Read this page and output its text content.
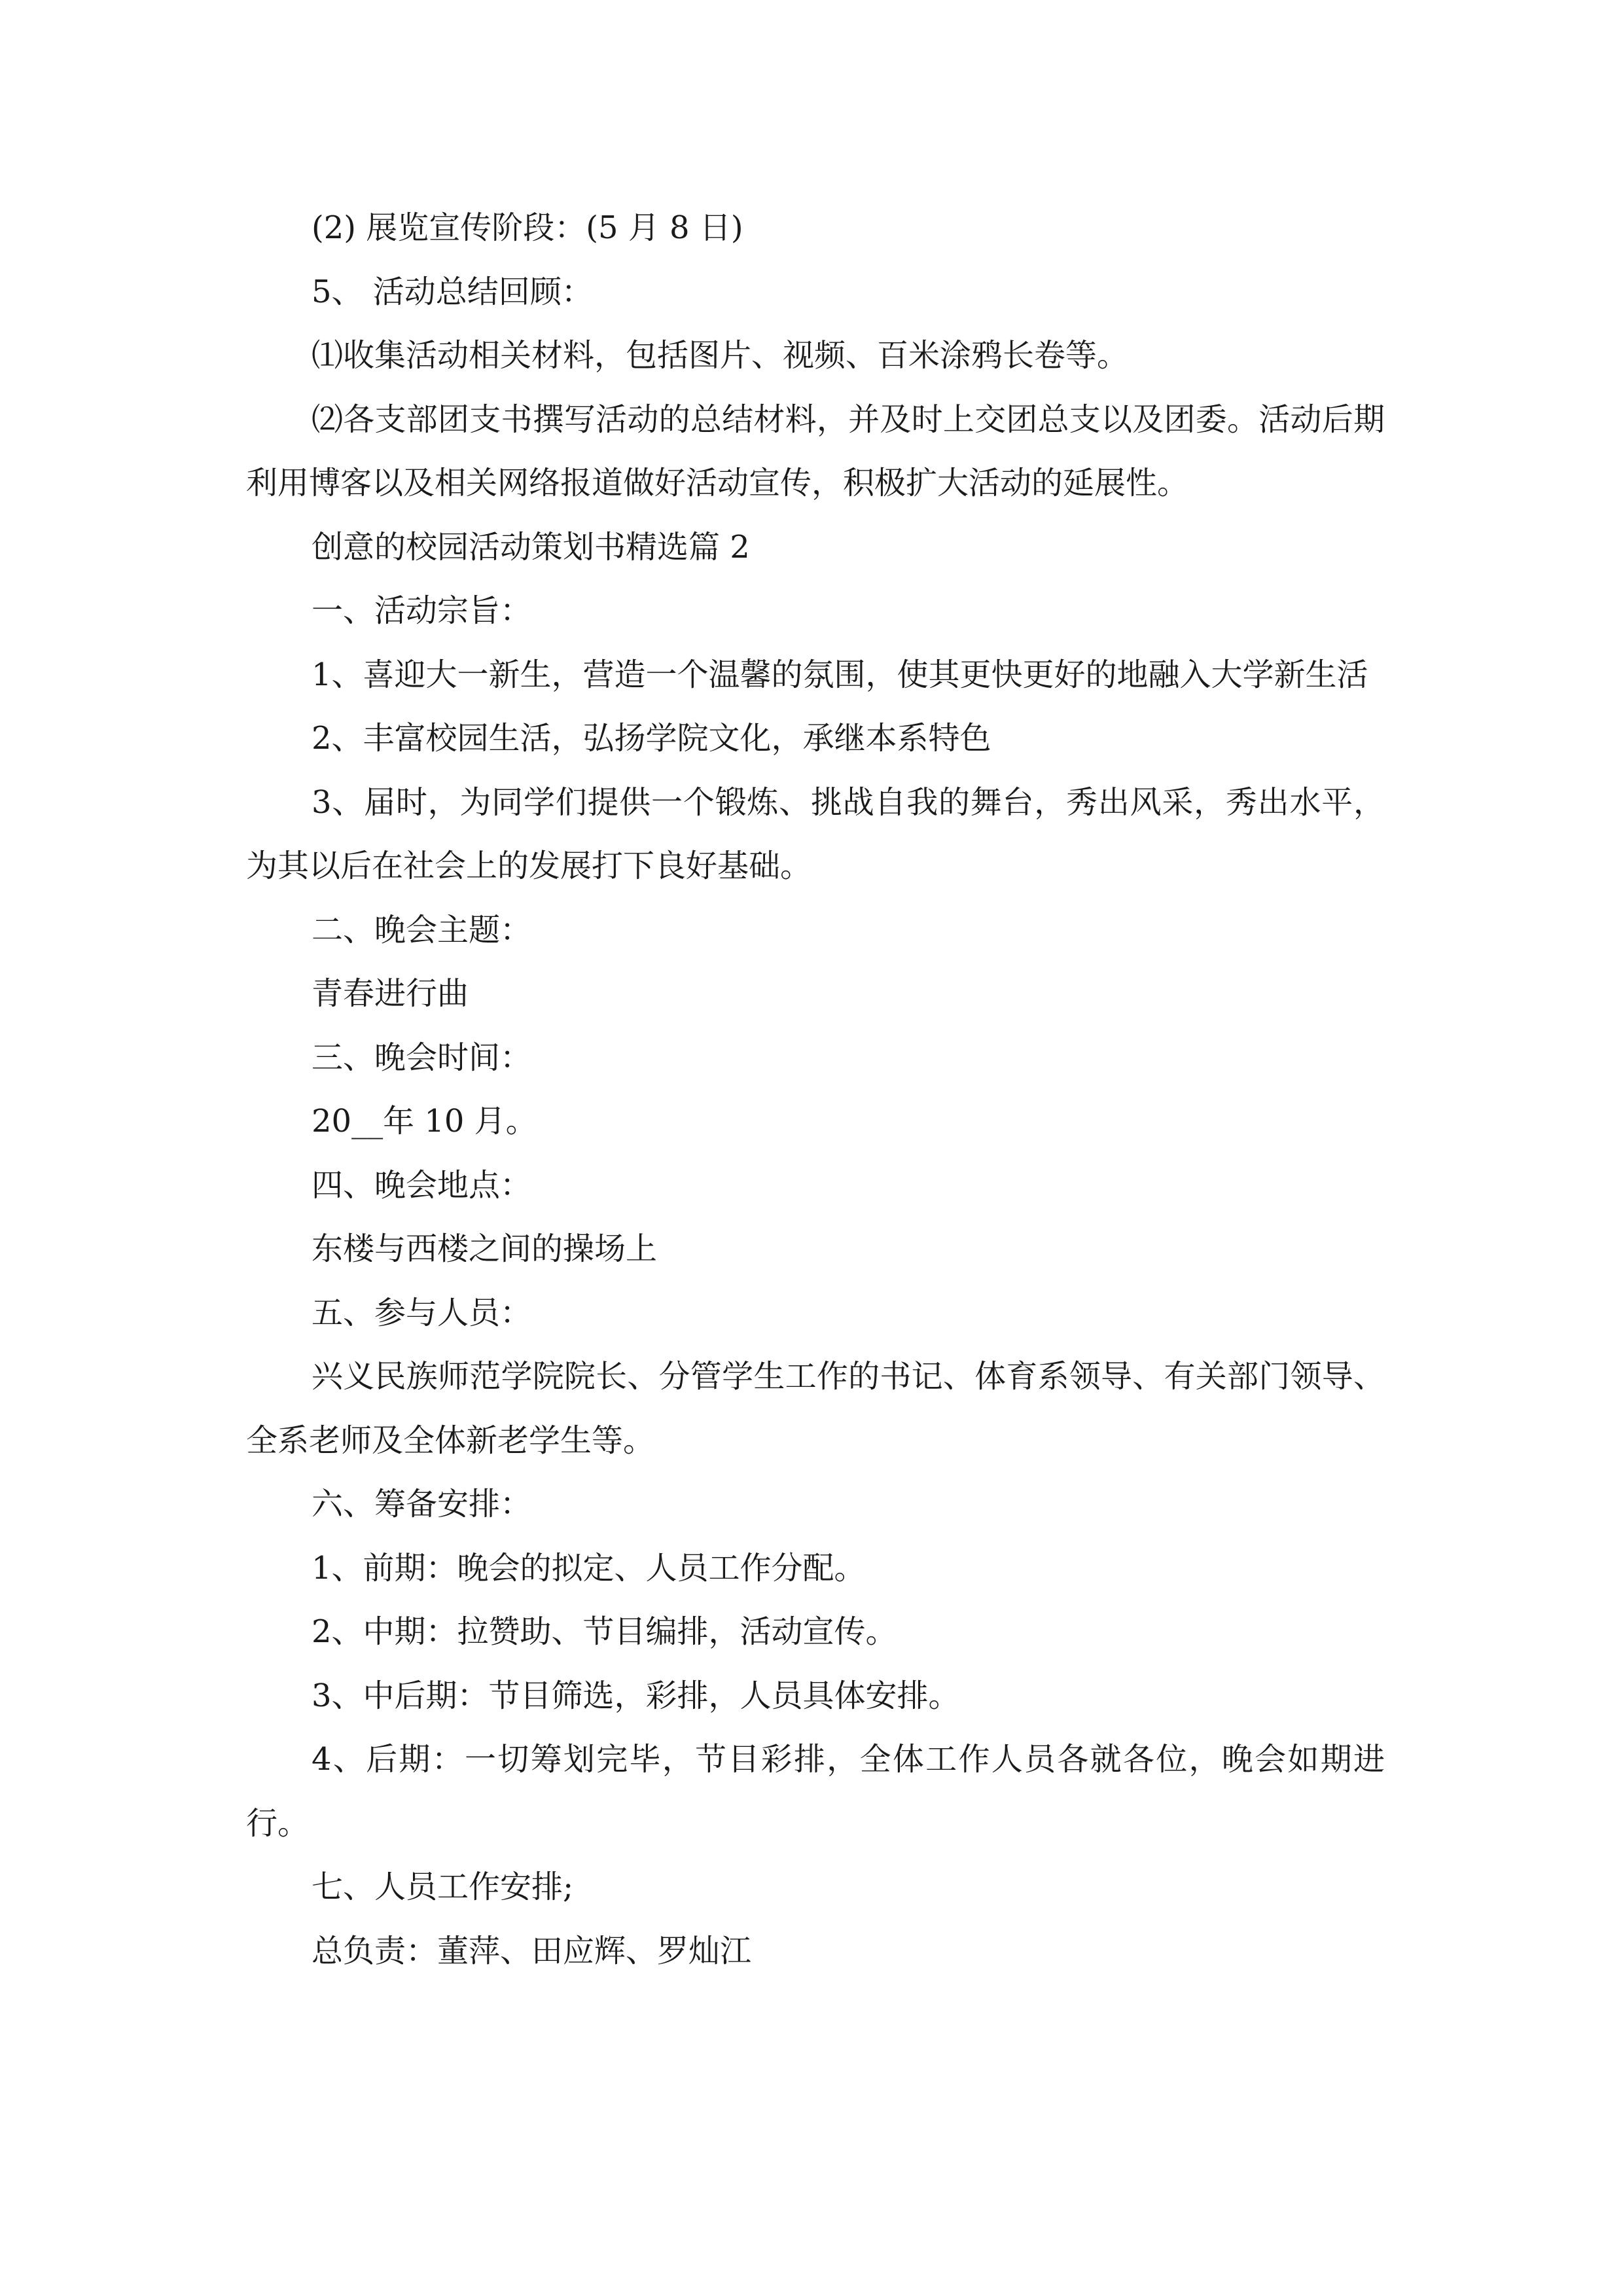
(2) 展览宣传阶段：(5 月 8 日)

5、 活动总结回顾：

⑴收集活动相关材料，包括图片、视频、百米涂鸦长卷等。

⑵各支部团支书撰写活动的总结材料，并及时上交团总支以及团委。活动后期利用博客以及相关网络报道做好活动宣传，积极扩大活动的延展性。

创意的校园活动策划书精选篇 2

一、活动宗旨：

1、喜迎大一新生，营造一个温馨的氛围，使其更快更好的地融入大学新生活

2、丰富校园生活，弘扬学院文化，承继本系特色

3、届时，为同学们提供一个锻炼、挑战自我的舞台，秀出风采，秀出水平，为其以后在社会上的发展打下良好基础。

二、晚会主题：

青春进行曲

三、晚会时间：

20__年 10 月。

四、晚会地点：

东楼与西楼之间的操场上

五、参与人员：

兴义民族师范学院院长、分管学生工作的书记、体育系领导、有关部门领导、全系老师及全体新老学生等。

六、筹备安排：

1、前期：晚会的拟定、人员工作分配。

2、中期：拉赞助、节目编排，活动宣传。

3、中后期：节目筛选，彩排，人员具体安排。

4、后期：一切筹划完毕，节目彩排，全体工作人员各就各位，晚会如期进行。

七、人员工作安排;

总负责：董萍、田应辉、罗灿江
